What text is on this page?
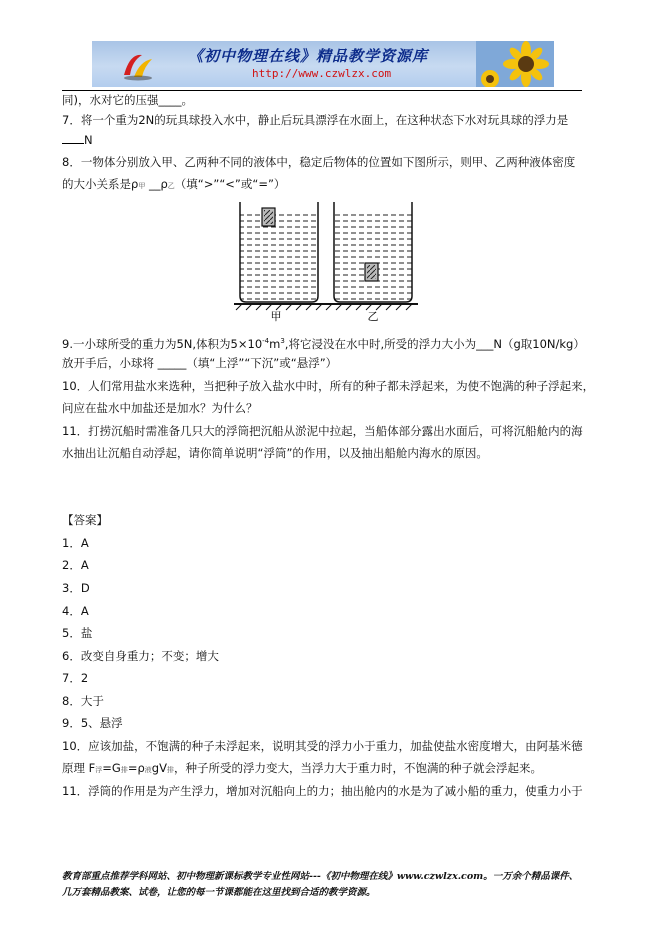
《初中物理在线》精品教学资源库
http://www.czwlzx.com
同)，水对它的压强____。
7．将一个重为2N的玩具球投入水中，静止后玩具漂浮在水面上，在这种状态下水对玩具球的浮力是
N
8．一物体分别放入甲、乙两种不同的液体中，稳定后物体的位置如下图所示，则甲、乙两种液体密度
的大小关系是ρ甲 __ρ乙（填“>”“<”或“=”）
甲	乙
9.一小球所受的重力为5N,体积为$5\times 10^{-4}m^3$,将它浸没在水中时,所受的浮力大小为___N（g取10N/kg）
放开手后，小球将 _____（填“上浮”“下沉”或“悬浮”）
10．人们常用盐水来选种，当把种子放入盐水中时，所有的种子都未浮起来，为使不饱满的种子浮起来，
问应在盐水中加盐还是加水？为什么？
11．打捞沉船时需准备几只大的浮筒把沉船从淤泥中拉起，当船体部分露出水面后，可将沉船舱内的海
水抽出让沉船自动浮起，请你简单说明“浮筒”的作用，以及抽出船舱内海水的原因。
【答案】
1．A
2．A
3．D
4．A
5．盐
6．改变自身重力；不变；增大
7．2
8．大于
9．5、悬浮
10．应该加盐，不饱满的种子未浮起来，说明其受的浮力小于重力，加盐使盐水密度增大，由阿基米德
原理 F浮=G排=ρ液gV排，种子所受的浮力变大，当浮力大于重力时，不饱满的种子就会浮起来。
11．浮筒的作用是为产生浮力，增加对沉船向上的力；抽出舱内的水是为了减小船的重力，使重力小于
教育部重点推荐学科网站、初中物理新课标教学专业性网站---《初中物理在线》www.czwlzx.com。一万余个精品课件、
几万套精品教案、试卷，让您的每一节课都能在这里找到合适的教学资源。
